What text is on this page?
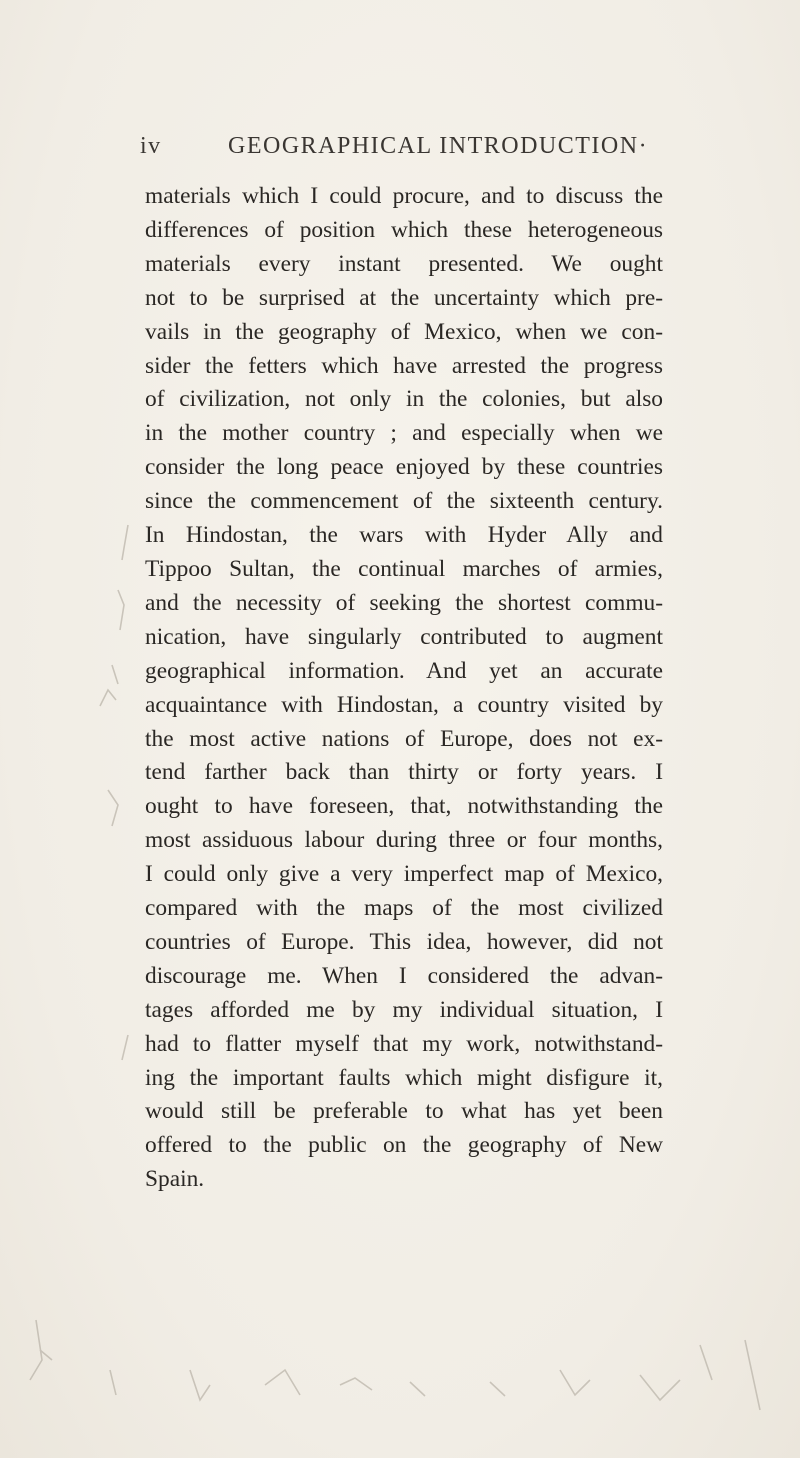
iv	GEOGRAPHICAL INTRODUCTION·
materials which I could procure, and to discuss the
differences of position which these heterogeneous
materials every instant presented. We ought
not to be surprised at the uncertainty which pre-
vails in the geography of Mexico, when we con-
sider the fetters which have arrested the progress
of civilization, not only in the colonies, but also
in the mother country ; and especially when we
consider the long peace enjoyed by these countries
since the commencement of the sixteenth century.
In Hindostan, the wars with Hyder Ally and
Tippoo Sultan, the continual marches of armies,
and the necessity of seeking the shortest commu-
nication, have singularly contributed to augment
geographical information. And yet an accurate
acquaintance with Hindostan, a country visited by
the most active nations of Europe, does not ex-
tend farther back than thirty or forty years. I
ought to have foreseen, that, notwithstanding the
most assiduous labour during three or four months,
I could only give a very imperfect map of Mexico,
compared with the maps of the most civilized
countries of Europe. This idea, however, did not
discourage me. When I considered the advan-
tages afforded me by my individual situation, I
had to flatter myself that my work, notwithstand-
ing the important faults which might disfigure it,
would still be preferable to what has yet been
offered to the public on the geography of New
Spain.
